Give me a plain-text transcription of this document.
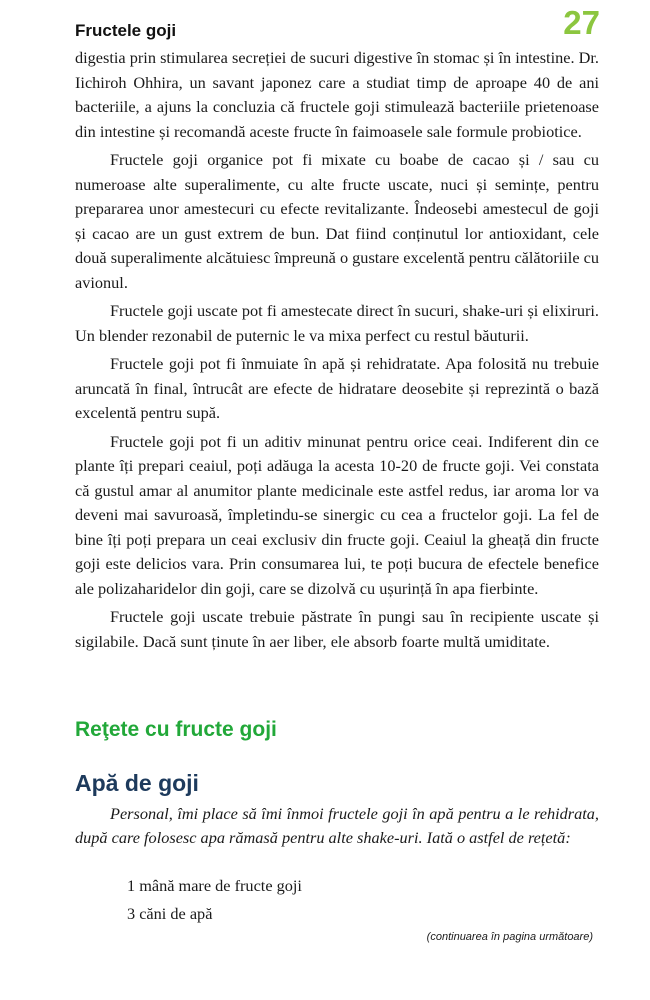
Fructele goji	27

digestia prin stimularea secreției de sucuri digestive în stomac și în intestine. Dr. Iichiroh Ohhira, un savant japonez care a studiat timp de aproape 40 de ani bacteriile, a ajuns la concluzia că fructele goji stimulează bacteriile prietenoase din intestine și recomandă aceste fructe în faimoasele sale formule probiotice.

Fructele goji organice pot fi mixate cu boabe de cacao și / sau cu numeroase alte superalimente, cu alte fructe uscate, nuci și semințe, pentru prepararea unor amestecuri cu efecte revitalizante. Îndeosebi amestecul de goji și cacao are un gust extrem de bun. Dat fiind conținutul lor antioxidant, cele două superalimente alcătuiesc împreună o gustare excelentă pentru călătoriile cu avionul.

Fructele goji uscate pot fi amestecate direct în sucuri, shake-uri și elixiruri. Un blender rezonabil de puternic le va mixa perfect cu restul băuturii.

Fructele goji pot fi înmuiate în apă și rehidratate. Apa folosită nu trebuie aruncată în final, întrucât are efecte de hidratare deosebite și reprezintă o bază excelentă pentru supă.

Fructele goji pot fi un aditiv minunat pentru orice ceai. Indiferent din ce plante îți prepari ceaiul, poți adăuga la acesta 10-20 de fructe goji. Vei constata că gustul amar al anumitor plante medicinale este astfel redus, iar aroma lor va deveni mai savuroasă, împletindu-se sinergic cu cea a fructelor goji. La fel de bine îți poți prepara un ceai exclusiv din fructe goji. Ceaiul la gheață din fructe goji este delicios vara. Prin consumarea lui, te poți bucura de efectele benefice ale polizaharidelor din goji, care se dizolvă cu ușurință în apa fierbinte.

Fructele goji uscate trebuie păstrate în pungi sau în recipiente uscate și sigilabile. Dacă sunt ținute în aer liber, ele absorb foarte multă umiditate.

Reţete cu fructe goji
Apă de goji

Personal, îmi place să îmi înmoi fructele goji în apă pentru a le rehidrata, după care folosesc apa rămasă pentru alte shake-uri. Iată o astfel de rețetă:

1 mână mare de fructe goji
3 căni de apă
(continuarea în pagina următoare)
